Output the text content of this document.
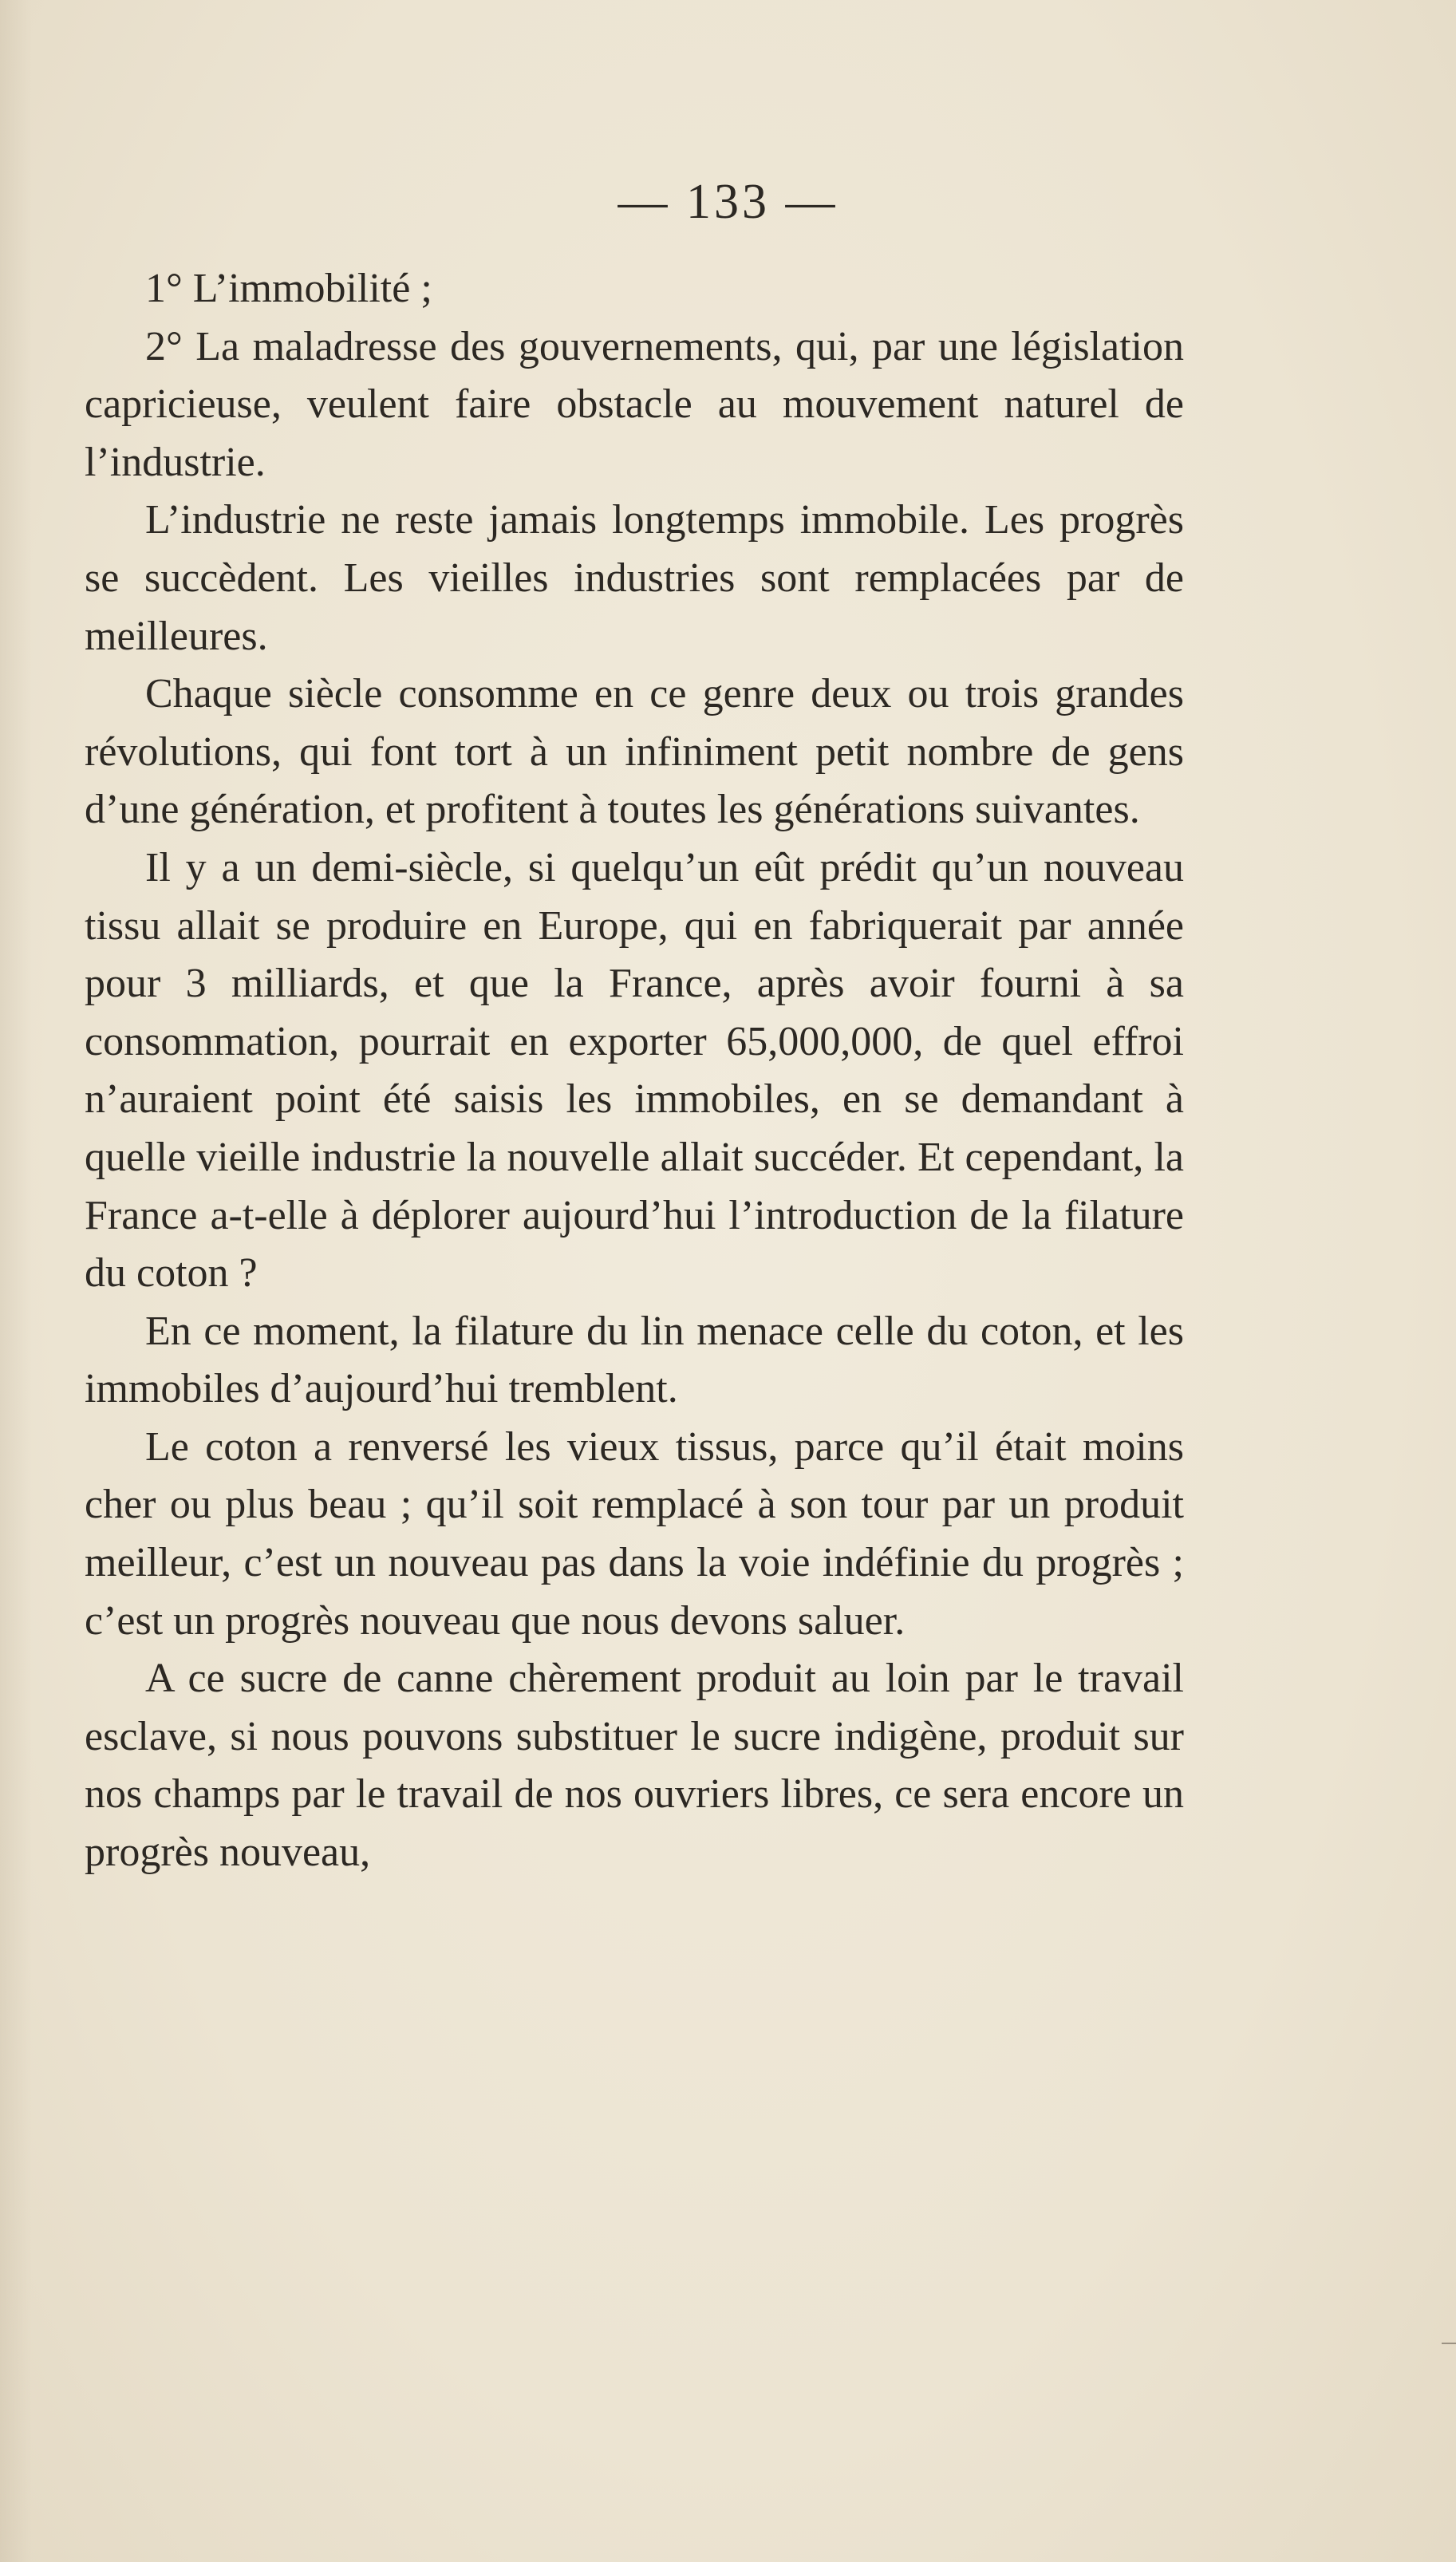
— 133 —

1° L’immobilité ;

2° La maladresse des gouvernements, qui, par une législation capricieuse, veulent faire obstacle au mouvement naturel de l’industrie.

L’industrie ne reste jamais longtemps immobile. Les progrès se succèdent. Les vieilles industries sont remplacées par de meilleures.

Chaque siècle consomme en ce genre deux ou trois grandes révolutions, qui font tort à un infiniment petit nombre de gens d’une génération, et profitent à toutes les générations suivantes.

Il y a un demi-siècle, si quelqu’un eût prédit qu’un nouveau tissu allait se produire en Europe, qui en fabriquerait par année pour 3 milliards, et que la France, après avoir fourni à sa consommation, pourrait en exporter 65,000,000, de quel effroi n’auraient point été saisis les immobiles, en se demandant à quelle vieille industrie la nouvelle allait succéder. Et cependant, la France a-t-elle à déplorer aujourd’hui l’introduction de la filature du coton ?

En ce moment, la filature du lin menace celle du coton, et les immobiles d’aujourd’hui tremblent.

Le coton a renversé les vieux tissus, parce qu’il était moins cher ou plus beau ; qu’il soit remplacé à son tour par un produit meilleur, c’est un nouveau pas dans la voie indéfinie du progrès ; c’est un progrès nouveau que nous devons saluer.

A ce sucre de canne chèrement produit au loin par le travail esclave, si nous pouvons substituer le sucre indigène, produit sur nos champs par le travail de nos ouvriers libres, ce sera encore un progrès nouveau,
